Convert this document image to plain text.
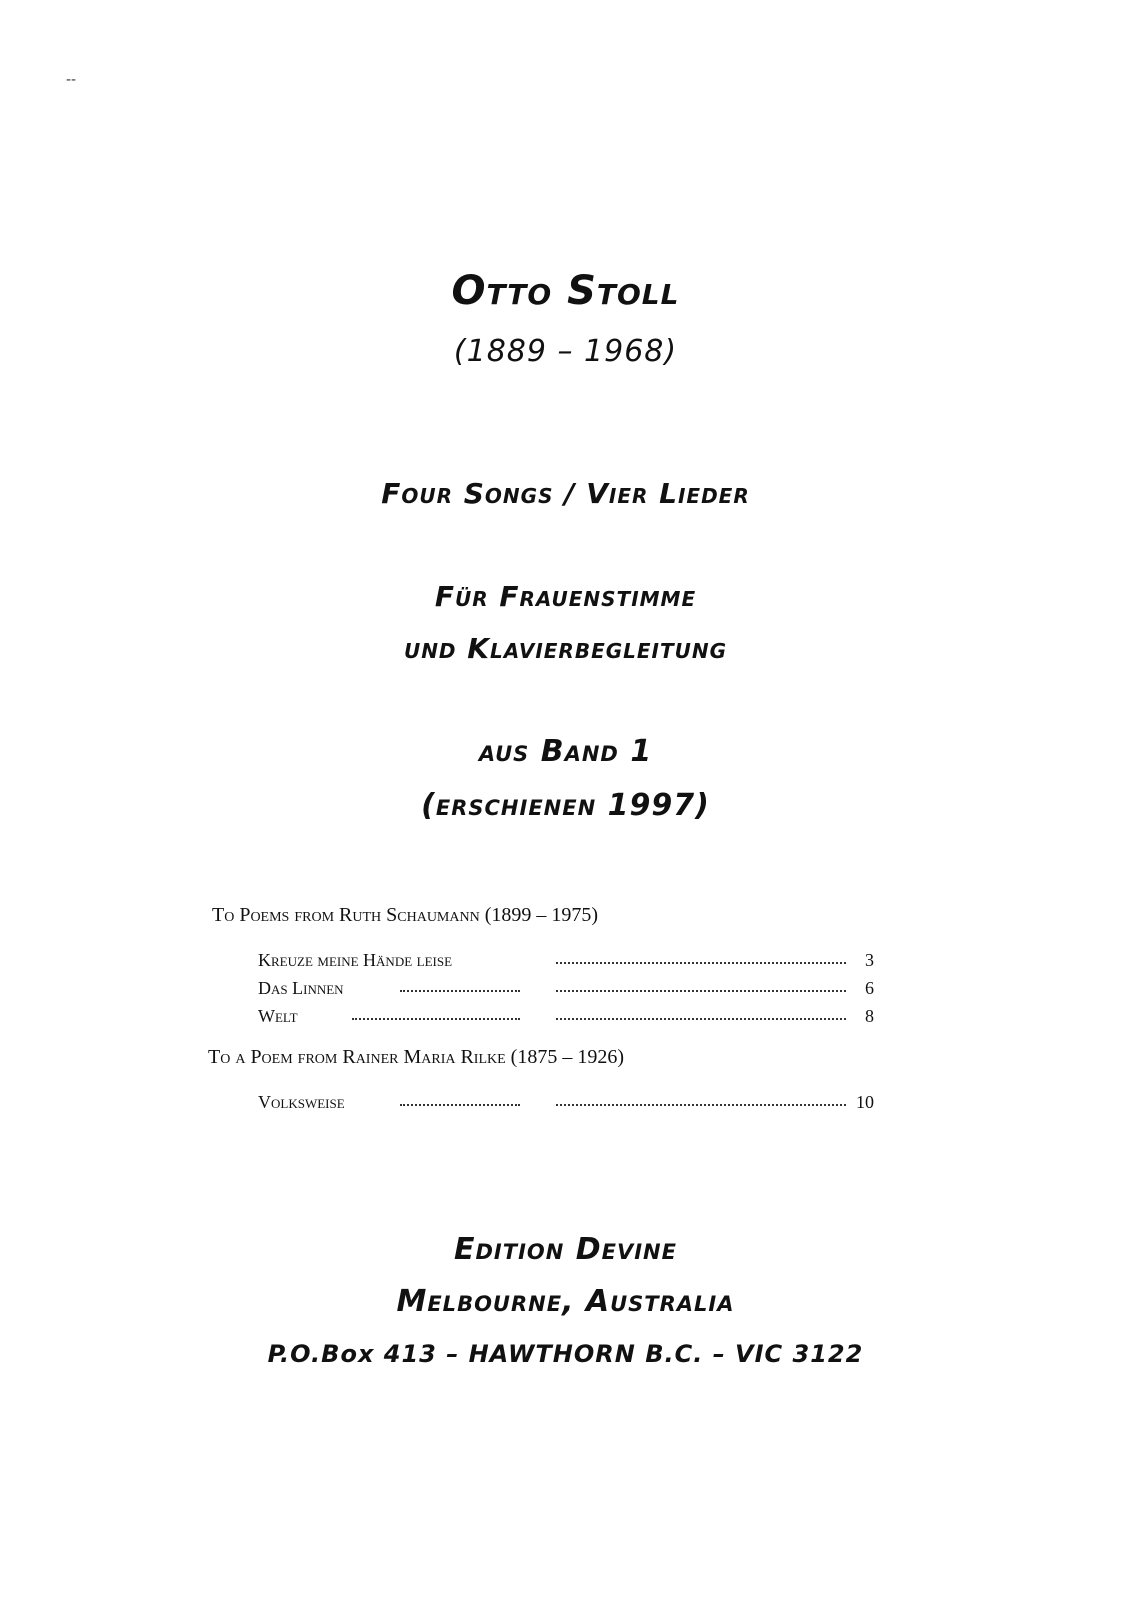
--
Otto Stoll
(1889 – 1968)
Four Songs / Vier Lieder
Für Frauenstimme
und Klavierbegleitung
aus Band 1
(erschienen 1997)
To Poems from Ruth Schaumann (1899 – 1975)
Kreuze meine Hände leise	3
Das Linnen	6
Welt	8
To a Poem from Rainer Maria Rilke (1875 – 1926)
Volksweise	10
Edition Devine
Melbourne, Australia
P.O.Box 413 – HAWTHORN B.C. – VIC 3122
